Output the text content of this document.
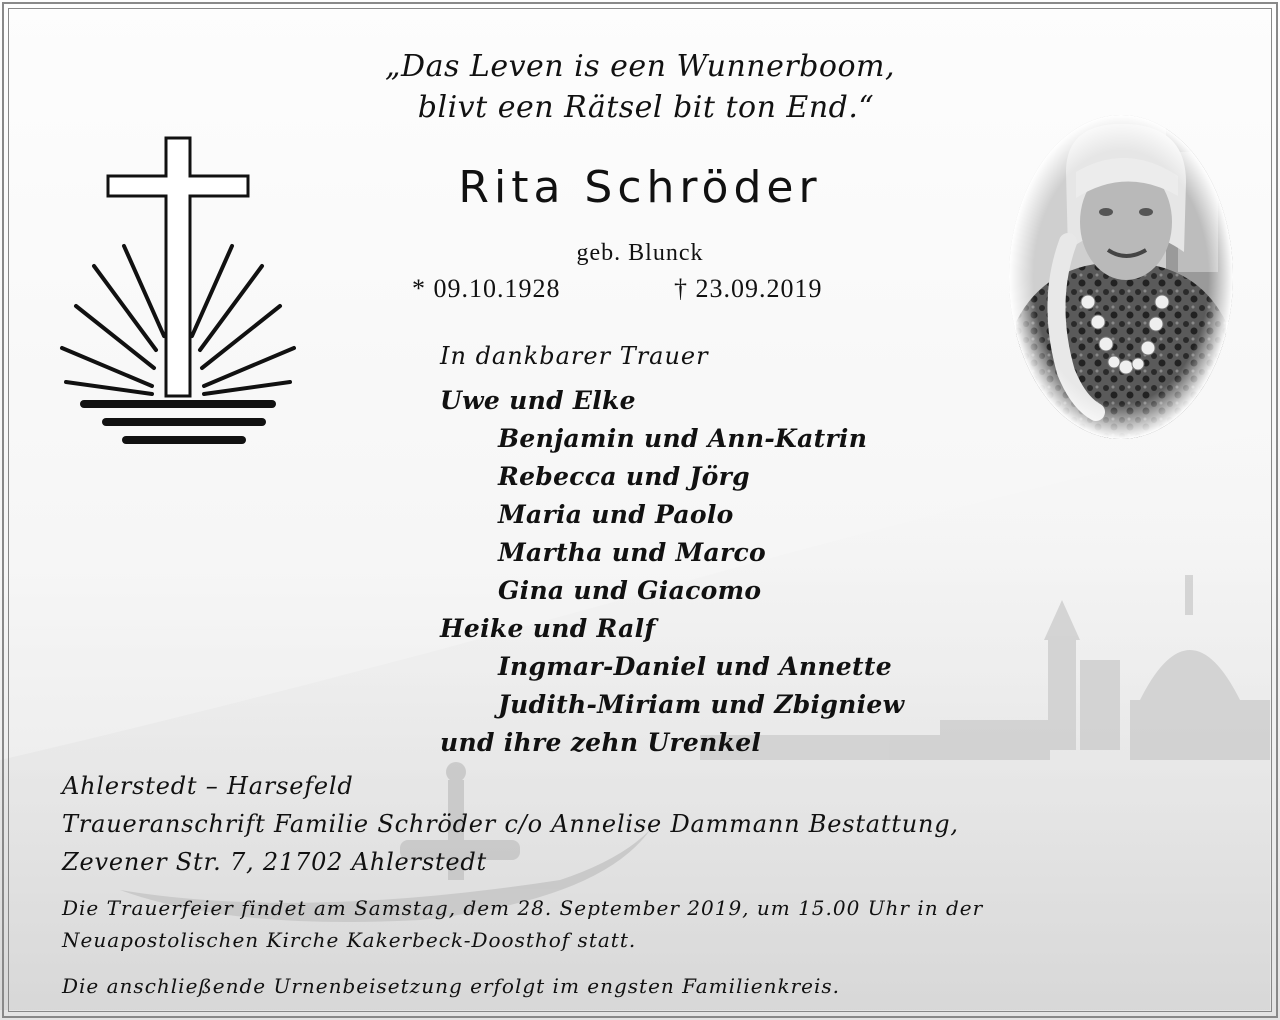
„Das Leven is een Wunnerboom,
blivt een Rätsel bit ton End.“
Rita Schröder
geb. Blunck
* 09.10.1928	† 23.09.2019
In dankbarer Trauer
Uwe und Elke
Benjamin und Ann-Katrin
Rebecca und Jörg
Maria und Paolo
Martha und Marco
Gina und Giacomo
Heike und Ralf
Ingmar-Daniel und Annette
Judith-Miriam und Zbigniew
und ihre zehn Urenkel
Ahlerstedt – Harsefeld
Traueranschrift Familie Schröder c/o Annelise Dammann Bestattung,
Zevener Str. 7, 21702 Ahlerstedt
Die Trauerfeier findet am Samstag, dem 28. September 2019, um 15.00 Uhr in der
Neuapostolischen Kirche Kakerbeck-Doosthof statt.
Die anschließende Urnenbeisetzung erfolgt im engsten Familienkreis.
